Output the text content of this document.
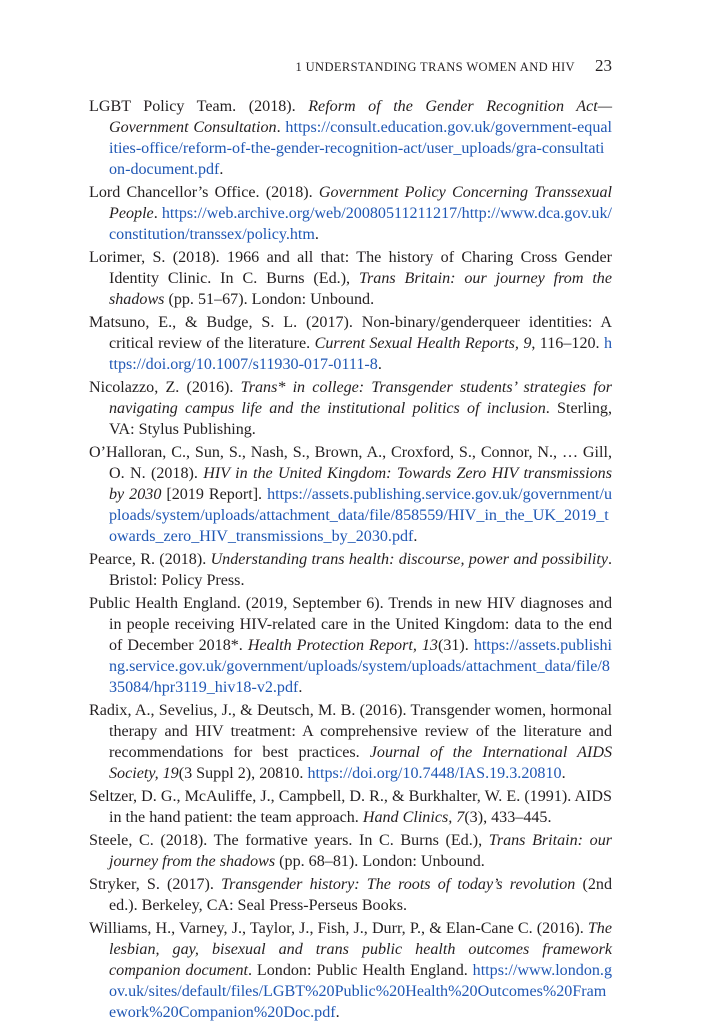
1 UNDERSTANDING TRANS WOMEN AND HIV 23

LGBT Policy Team. (2018). Reform of the Gender Recognition Act—Government Consultation. https://consult.education.gov.uk/government-equalities-office/reform-of-the-gender-recognition-act/user_uploads/gra-consultation-document.pdf.

Lord Chancellor’s Office. (2018). Government Policy Concerning Transsexual People. https://web.archive.org/web/20080511211217/http://www.dca.gov.uk/constitution/transsex/policy.htm.

Lorimer, S. (2018). 1966 and all that: The history of Charing Cross Gender Identity Clinic. In C. Burns (Ed.), Trans Britain: our journey from the shadows (pp. 51–67). London: Unbound.

Matsuno, E., & Budge, S. L. (2017). Non-binary/genderqueer identities: A critical review of the literature. Current Sexual Health Reports, 9, 116–120. https://doi.org/10.1007/s11930-017-0111-8.

Nicolazzo, Z. (2016). Trans* in college: Transgender students’ strategies for navigating campus life and the institutional politics of inclusion. Sterling, VA: Stylus Publishing.

O’Halloran, C., Sun, S., Nash, S., Brown, A., Croxford, S., Connor, N., … Gill, O. N. (2018). HIV in the United Kingdom: Towards Zero HIV transmissions by 2030 [2019 Report]. https://assets.publishing.service.gov.uk/government/uploads/system/uploads/attachment_data/file/858559/HIV_in_the_UK_2019_towards_zero_HIV_transmissions_by_2030.pdf.

Pearce, R. (2018). Understanding trans health: discourse, power and possibility. Bristol: Policy Press.

Public Health England. (2019, September 6). Trends in new HIV diagnoses and in people receiving HIV-related care in the United Kingdom: data to the end of December 2018*. Health Protection Report, 13(31). https://assets.publishing.service.gov.uk/government/uploads/system/uploads/attachment_data/file/835084/hpr3119_hiv18-v2.pdf.

Radix, A., Sevelius, J., & Deutsch, M. B. (2016). Transgender women, hormonal therapy and HIV treatment: A comprehensive review of the literature and recommendations for best practices. Journal of the International AIDS Society, 19(3 Suppl 2), 20810. https://doi.org/10.7448/IAS.19.3.20810.

Seltzer, D. G., McAuliffe, J., Campbell, D. R., & Burkhalter, W. E. (1991). AIDS in the hand patient: the team approach. Hand Clinics, 7(3), 433–445.

Steele, C. (2018). The formative years. In C. Burns (Ed.), Trans Britain: our journey from the shadows (pp. 68–81). London: Unbound.

Stryker, S. (2017). Transgender history: The roots of today’s revolution (2nd ed.). Berkeley, CA: Seal Press-Perseus Books.

Williams, H., Varney, J., Taylor, J., Fish, J., Durr, P., & Elan-Cane C. (2016). The lesbian, gay, bisexual and trans public health outcomes framework companion document. London: Public Health England. https://www.london.gov.uk/sites/default/files/LGBT%20Public%20Health%20Outcomes%20Framework%20Companion%20Doc.pdf.
